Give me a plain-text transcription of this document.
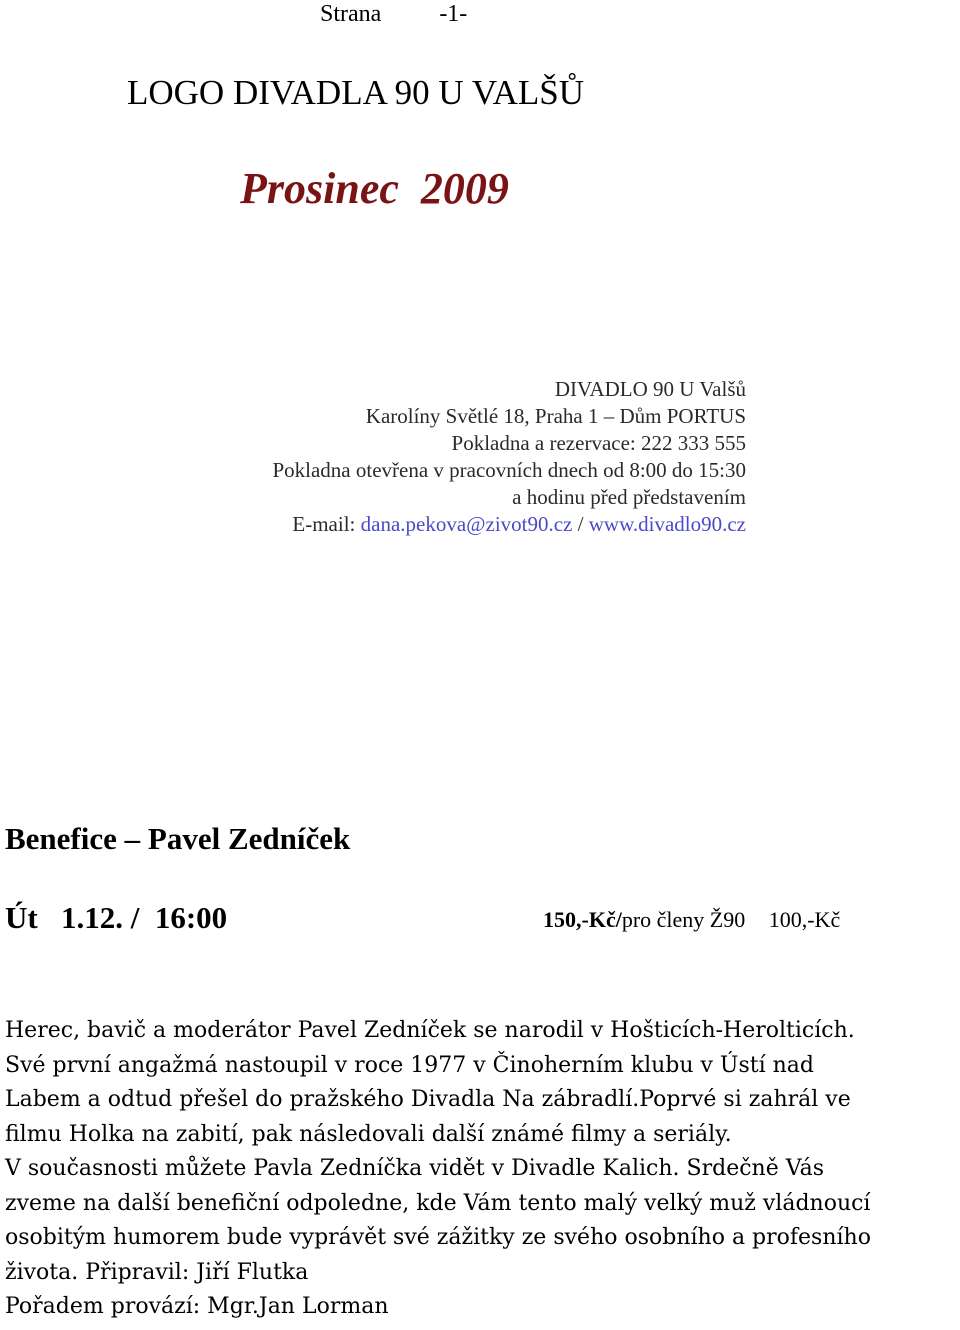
Strana -1-
LOGO DIVADLA 90 U VALŠŮ
Prosinec  2009
DIVADLO 90 U Valšů
Karolíny Světlé 18, Praha 1 – Dům PORTUS
Pokladna a rezervace: 222 333 555
Pokladna otevřena v pracovních dnech od 8:00 do 15:30
a hodinu před představením
E-mail: dana.pekova@zivot90.cz / www.divadlo90.cz
Benefice – Pavel Zedníček
Út   1.12. /  16:00	150,-Kč/pro členy Ž90 100,-Kč
Herec, bavič a moderátor Pavel Zedníček se narodil v Hošticích-Herolticích.
Své první angažmá nastoupil v roce 1977 v Činoherním klubu v Ústí nad
Labem a odtud přešel do pražského Divadla Na zábradlí.Poprvé si zahrál ve
filmu Holka na zabití, pak následovali další známé filmy a seriály.
V současnosti můžete Pavla Zedníčka vidět v Divadle Kalich. Srdečně Vás
zveme na další benefiční odpoledne, kde Vám tento malý velký muž vládnoucí
osobitým humorem bude vyprávět své zážitky ze svého osobního a profesního
života. Připravil: Jiří Flutka
Pořadem provází: Mgr.Jan Lorman
